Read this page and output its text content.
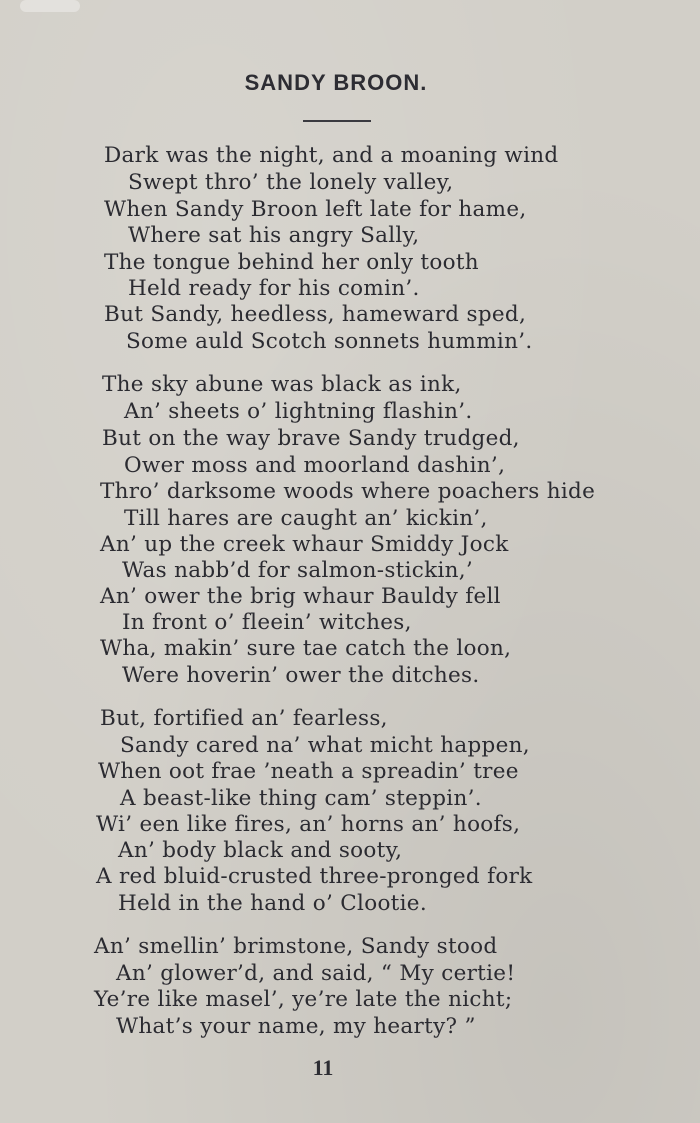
SANDY BROON.
Dark was the night, and a moaning wind
Swept thro’ the lonely valley,
When Sandy Broon left late for hame,
Where sat his angry Sally,
The tongue behind her only tooth
Held ready for his comin’.
But Sandy, heedless, hameward sped,
Some auld Scotch sonnets hummin’.
The sky abune was black as ink,
An’ sheets o’ lightning flashin’.
But on the way brave Sandy trudged,
Ower moss and moorland dashin’,
Thro’ darksome woods where poachers hide
Till hares are caught an’ kickin’,
An’ up the creek whaur Smiddy Jock
Was nabb’d for salmon-stickin,’
An’ ower the brig whaur Bauldy fell
In front o’ fleein’ witches,
Wha, makin’ sure tae catch the loon,
Were hoverin’ ower the ditches.
But, fortified an’ fearless,
Sandy cared na’ what micht happen,
When oot frae ’neath a spreadin’ tree
A beast-like thing cam’ steppin’.
Wi’ een like fires, an’ horns an’ hoofs,
An’ body black and sooty,
A red bluid-crusted three-pronged fork
Held in the hand o’ Clootie.
An’ smellin’ brimstone, Sandy stood
An’ glower’d, and said, “ My certie!
Ye’re like masel’, ye’re late the nicht;
What’s your name, my hearty? ”
11
